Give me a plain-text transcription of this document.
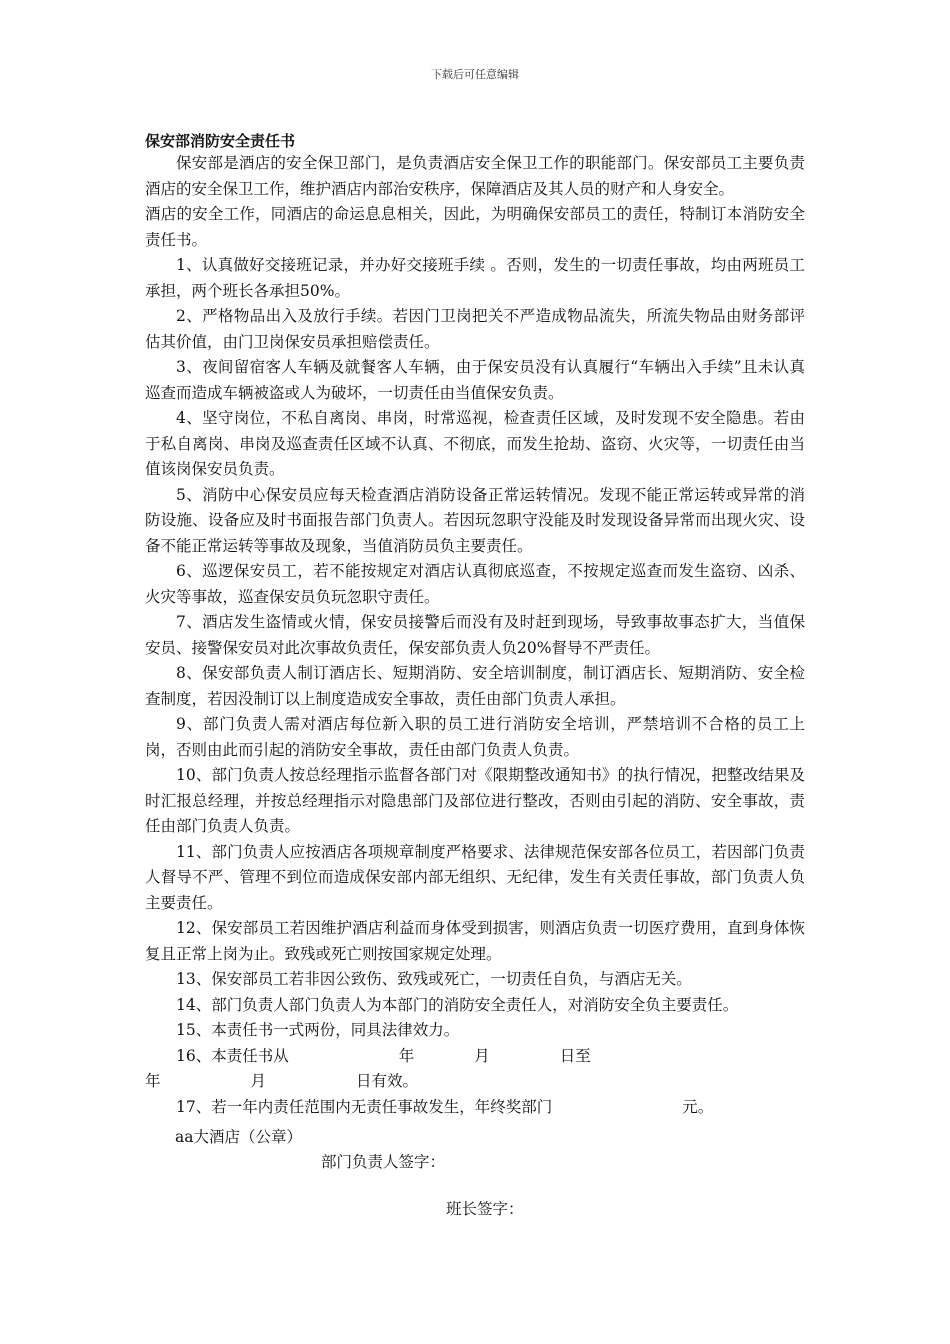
下载后可任意编辑
保安部消防安全责任书

保安部是酒店的安全保卫部门，是负责酒店安全保卫工作的职能部门。保安部员工主要负责酒店的安全保卫工作，维护酒店内部治安秩序，保障酒店及其人员的财产和人身安全。

酒店的安全工作，同酒店的命运息息相关，因此，为明确保安部员工的责任，特制订本消防安全责任书。

1、认真做好交接班记录，并办好交接班手续 。否则，发生的一切责任事故，均由两班员工承担，两个班长各承担50%。

2、严格物品出入及放行手续。若因门卫岗把关不严造成物品流失，所流失物品由财务部评估其价值，由门卫岗保安员承担赔偿责任。

3、夜间留宿客人车辆及就餐客人车辆，由于保安员没有认真履行“车辆出入手续”且未认真巡查而造成车辆被盗或人为破坏，一切责任由当值保安负责。

4、坚守岗位，不私自离岗、串岗，时常巡视，检查责任区域，及时发现不安全隐患。若由于私自离岗、串岗及巡查责任区域不认真、不彻底，而发生抢劫、盗窃、火灾等，一切责任由当值该岗保安员负责。

5、消防中心保安员应每天检查酒店消防设备正常运转情况。发现不能正常运转或异常的消防设施、设备应及时书面报告部门负责人。若因玩忽职守没能及时发现设备异常而出现火灾、设备不能正常运转等事故及现象，当值消防员负主要责任。

6、巡逻保安员工，若不能按规定对酒店认真彻底巡查，不按规定巡查而发生盗窃、凶杀、火灾等事故，巡查保安员负玩忽职守责任。

7、酒店发生盗情或火情，保安员接警后而没有及时赶到现场，导致事故事态扩大，当值保安员、接警保安员对此次事故负责任，保安部负责人负20%督导不严责任。

8、保安部负责人制订酒店长、短期消防、安全培训制度，制订酒店长、短期消防、安全检查制度，若因没制订以上制度造成安全事故，责任由部门负责人承担。

9、部门负责人需对酒店每位新入职的员工进行消防安全培训，严禁培训不合格的员工上岗，否则由此而引起的消防安全事故，责任由部门负责人负责。

10、部门负责人按总经理指示监督各部门对《限期整改通知书》的执行情况，把整改结果及时汇报总经理，并按总经理指示对隐患部门及部位进行整改，否则由引起的消防、安全事故，责任由部门负责人负责。

11、部门负责人应按酒店各项规章制度严格要求、法律规范保安部各位员工，若因部门负责人督导不严、管理不到位而造成保安部内部无组织、无纪律，发生有关责任事故，部门负责人负主要责任。

12、保安部员工若因维护酒店利益而身体受到损害，则酒店负责一切医疗费用，直到身体恢复且正常上岗为止。致残或死亡则按国家规定处理。

13、保安部员工若非因公致伤、致残或死亡，一切责任自负，与酒店无关。

14、部门负责人部门负责人为本部门的消防安全责任人，对消防安全负主要责任。

15、本责任书一式两份，同具法律效力。

16、本责任书从	年	月	日至

年	月	日有效。

17、若一年内责任范围内无责任事故发生，年终奖部门	元。

aa大酒店（公章）
部门负责人签字：
班长签字：
